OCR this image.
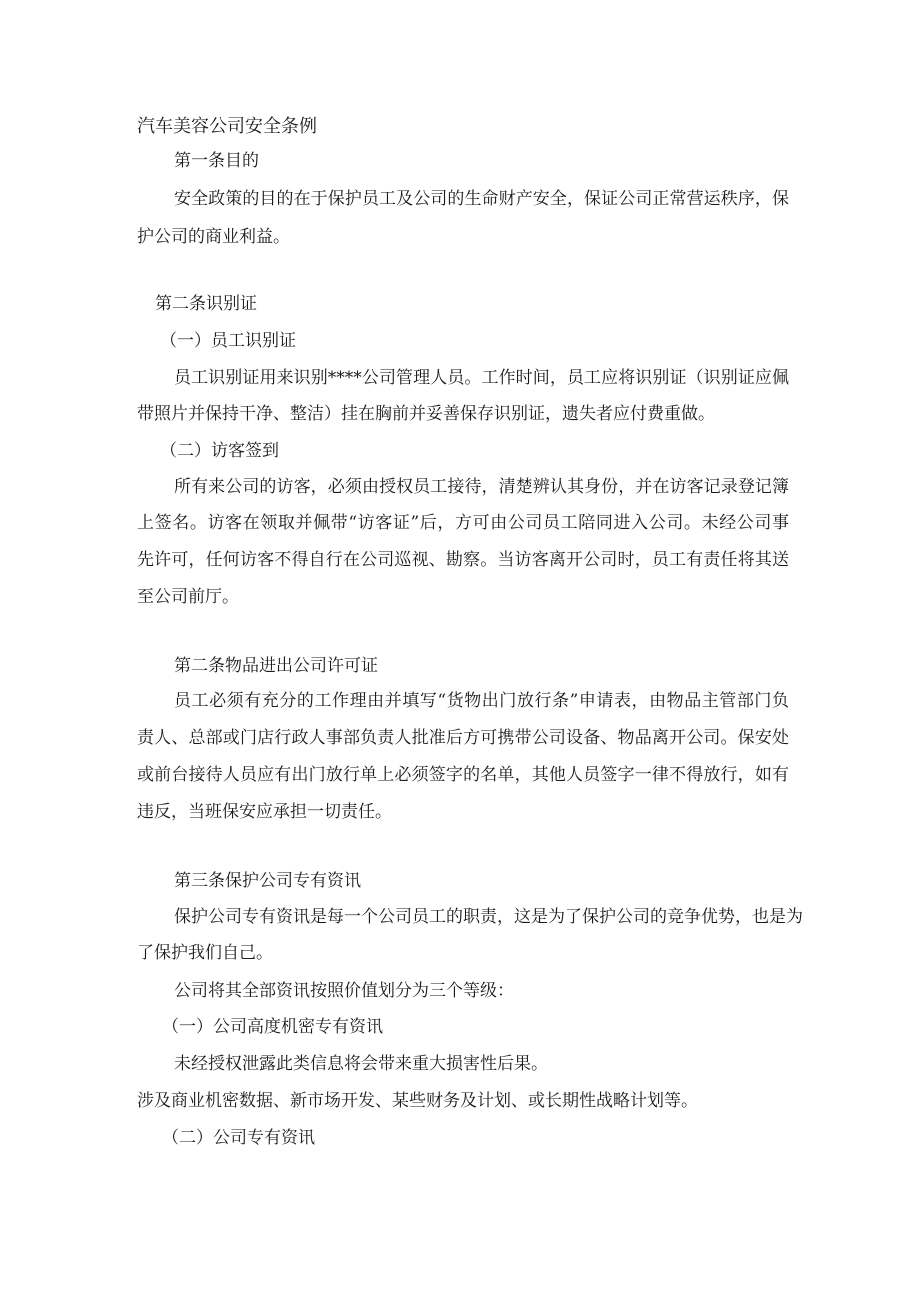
汽车美容公司安全条例
第一条目的
安全政策的目的在于保护员工及公司的生命财产安全，保证公司正常营运秩序，保
护公司的商业利益。
第二条识别证
（一）员工识别证
员工识别证用来识别****公司管理人员。工作时间，员工应将识别证（识别证应佩
带照片并保持干净、整洁）挂在胸前并妥善保存识别证，遗失者应付费重做。
（二）访客签到
所有来公司的访客，必须由授权员工接待，清楚辨认其身份，并在访客记录登记簿
上签名。访客在领取并佩带“访客证”后，方可由公司员工陪同进入公司。未经公司事
先许可，任何访客不得自行在公司巡视、勘察。当访客离开公司时，员工有责任将其送
至公司前厅。
第二条物品进出公司许可证
员工必须有充分的工作理由并填写“货物出门放行条”申请表，由物品主管部门负
责人、总部或门店行政人事部负责人批准后方可携带公司设备、物品离开公司。保安处
或前台接待人员应有出门放行单上必须签字的名单，其他人员签字一律不得放行，如有
违反，当班保安应承担一切责任。
第三条保护公司专有资讯
保护公司专有资讯是每一个公司员工的职责，这是为了保护公司的竞争优势，也是为
了保护我们自己。
公司将其全部资讯按照价值划分为三个等级：
（一）公司高度机密专有资讯
未经授权泄露此类信息将会带来重大损害性后果。
涉及商业机密数据、新市场开发、某些财务及计划、或长期性战略计划等。
（二）公司专有资讯
